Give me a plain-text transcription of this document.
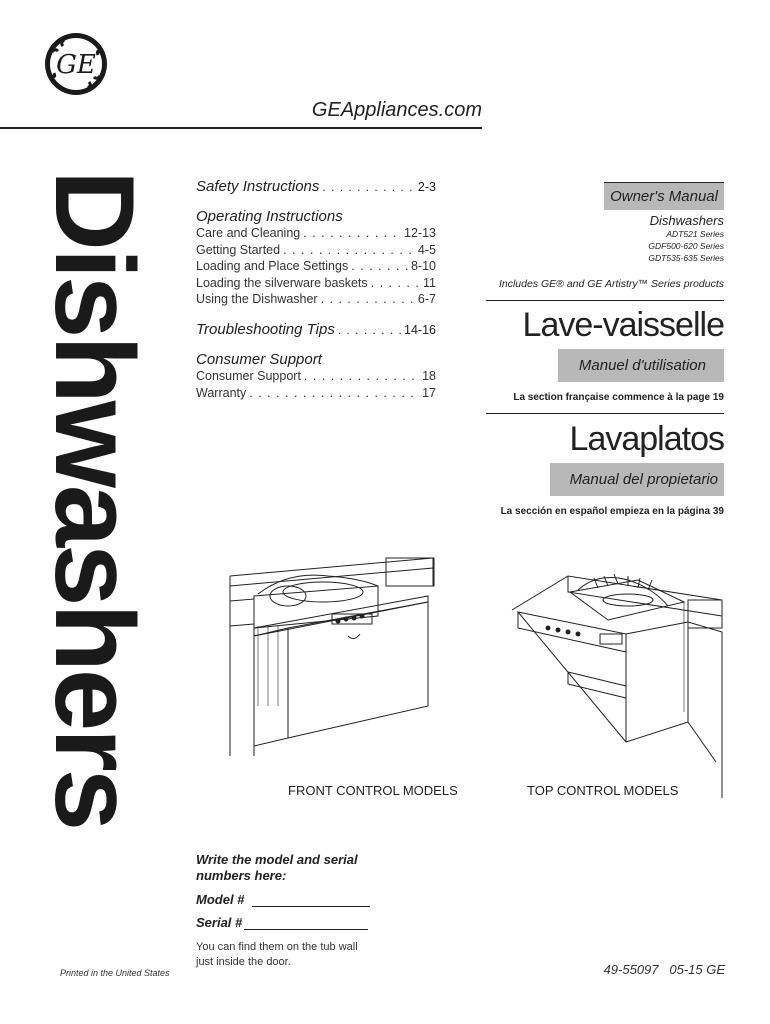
GE
GEAppliances.com
Dishwashers	Safety Instructions . . .	2-3
Operating Instructions
Care and Cleaning . . .	12-13
Getting Started . . .	4-5
Loading and Place Settings . . .	8-10
Loading the silverware baskets . . .	11
Using the Dishwasher . . .	6-7
Troubleshooting Tips . . .	14-16
Consumer Support
Consumer Support . . .	18
Warranty . . .	17
Owner's Manual
Dishwashers
ADT521 Series
GDF500-620 Series
GDT535-635 Series
Includes GE® and GE Artistry™ Series products
Lave-vaisselle
Manuel d'utilisation
La section française commence à la page 19
Lavaplatos
Manual del propietario
La sección en español empieza en la página 39
FRONT CONTROL MODELS	TOP CONTROL MODELS
Write the model and serial numbers here:
Model #
Serial #
You can find them on the tub wall just inside the door.
Printed in the United States	49-55097   05-15 GE
